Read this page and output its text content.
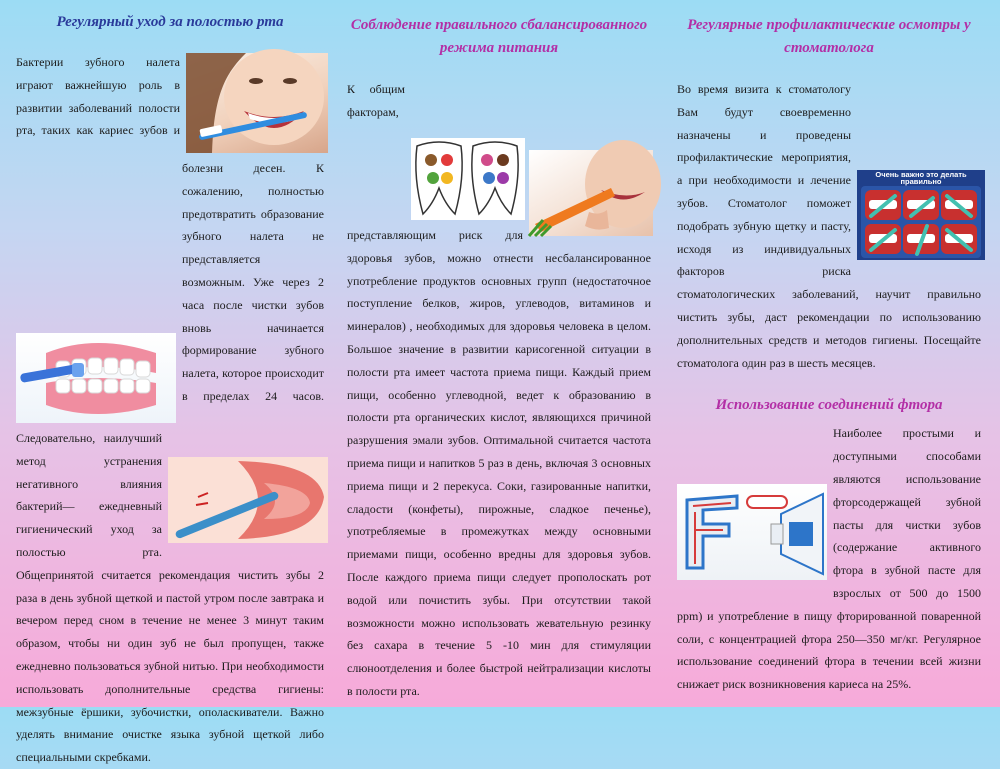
Регулярный уход за полостью рта
Бактерии зубного налета играют важнейшую роль в развитии заболеваний полости рта, таких как кариес зубов и болезни десен. К сожалению, полностью предотвратить образование зубного налета не представляется возможным. Уже через 2 часа после чистки зубов вновь начинается формирование зубного налета, которое происходит в пределах 24 часов. Следовательно, наилучший метод устранения негативного влияния бактерий— ежедневный гигиенический уход за полостью рта. Общепринятой считается рекомендация чистить зубы 2 раза в день зубной щеткой и пастой утром после завтрака и вечером перед сном в течение не менее 3 минут таким образом, чтобы ни один зуб не был пропущен, также ежедневно пользоваться зубной нитью. При необходимости использовать дополнительные средства гигиены: межзубные ёршики, зубочистки, ополаскиватели. Важно уделять внимание очистке языка зубной щеткой либо специальными скребками.
Соблюдение правильного сбалансированного режима питания
К общим факторам, представляющим риск для здоровья зубов, можно отнести несбалансированное употребление продуктов основных групп (недостаточное поступление белков, жиров, углеводов, витаминов и минералов) , необходимых для здоровья человека в целом. Большое значение в развитии карисогенной ситуации в полости рта имеет частота приема пищи. Каждый прием пищи, особенно углеводной, ведет к образованию в полости рта органических кислот, являющихся причиной разрушения эмали зубов. Оптимальной считается частота приема пищи и напитков 5 раз в день, включая 3 основных приема пищи и 2 перекуса. Соки, газированные напитки, сладости (конфеты), пирожные, сладкое печенье), употребляемые в промежутках между основными приемами пищи, особенно вредны для здоровья зубов. После каждого приема пищи следует прополоскать рот водой или почистить зубы. При отсутствии такой возможности можно использовать жевательную резинку без сахара в течение 5 -10 мин для стимуляции слюноотделения и более быстрой нейтрализации кислоты в полости рта.
Регулярные профилактические осмотры у стоматолога
Очень важно это делать правильно
Во время визита к стоматологу Вам будут своевременно назначены и проведены профилактические мероприятия, а при необходимости и лечение зубов. Стоматолог поможет подобрать зубную щетку и пасту, исходя из индивидуальных факторов риска стоматологических заболеваний, научит правильно чистить зубы, даст рекомендации по использованию дополнительных средств и методов гигиены. Посещайте стоматолога один раз в шесть месяцев.
Использование соединений фтора
Наиболее простыми и доступными способами являются использование фторсодержащей зубной пасты для чистки зубов (содержание активного фтора в зубной пасте для взрослых от 500 до 1500 ppm) и употребление в пищу фторированной поваренной соли, с концентрацией фтора 250—350 мг/кг. Регулярное использование соединений фтора в течении всей жизни снижает риск возникновения кариеса на 25%.
